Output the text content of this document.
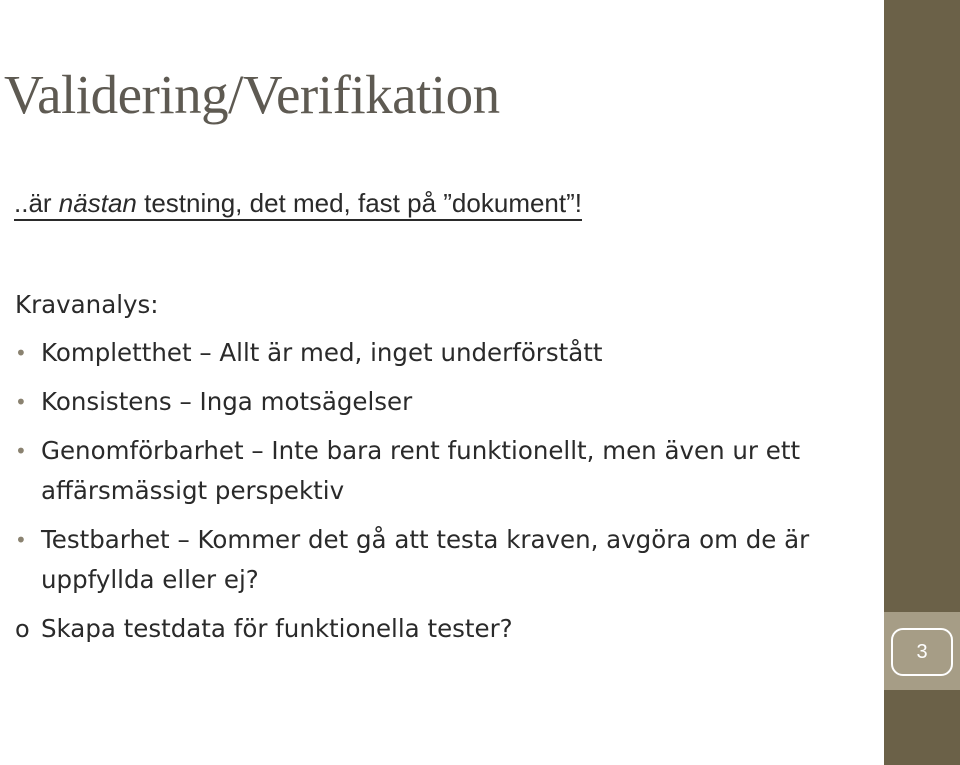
3
Validering/Verifikation
..är nästan testning, det med, fast på ”dokument”!
Kravanalys:
• Kompletthet – Allt är med, inget underförstått
• Konsistens – Inga motsägelser
• Genomförbarhet – Inte bara rent funktionellt, men även ur ett affärsmässigt perspektiv
• Testbarhet – Kommer det gå att testa kraven, avgöra om de är uppfyllda eller ej?
o Skapa testdata för funktionella tester?
